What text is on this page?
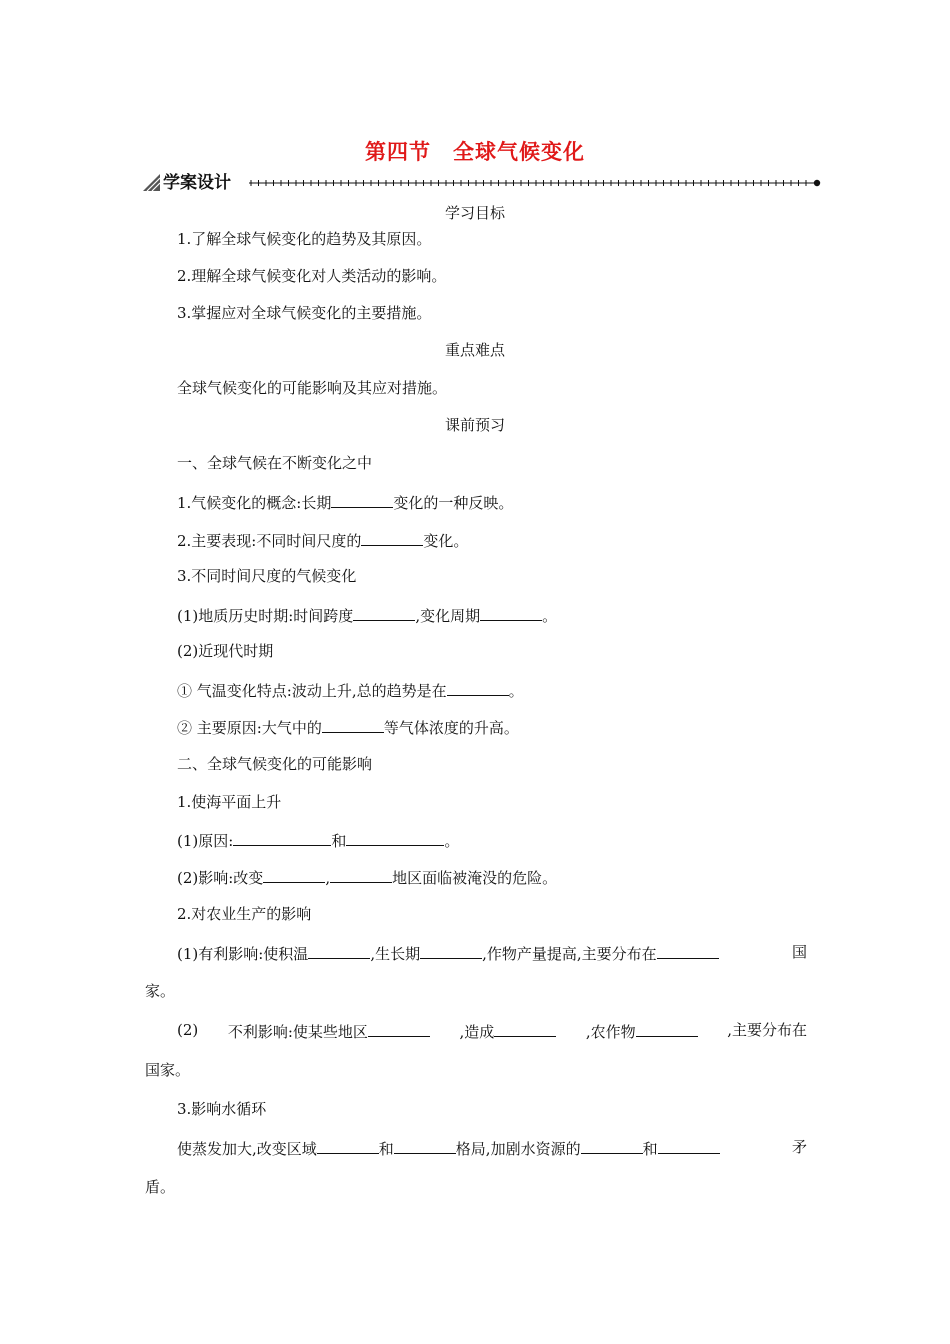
第四节 全球气候变化
学案设计
学习目标
1.了解全球气候变化的趋势及其原因。
2.理解全球气候变化对人类活动的影响。
3.掌握应对全球气候变化的主要措施。
重点难点
全球气候变化的可能影响及其应对措施。
课前预习
一、全球气候在不断变化之中
1.气候变化的概念:长期	变化的一种反映。
2.主要表现:不同时间尺度的	变化。
3.不同时间尺度的气候变化
(1)地质历史时期:时间跨度	,变化周期	。
(2)近现代时期
① 气温变化特点:波动上升,总的趋势是在	。
② 主要原因:大气中的	等气体浓度的升高。
二、全球气候变化的可能影响
1.使海平面上升
(1)原因:	和	。
(2)影响:改变	,	地区面临被淹没的危险。
2.对农业生产的影响
(1)有利影响:使积温	,生长期	,作物产量提高,主要分布在	国
家。
(2) 不利影响:使某些地区	,造成	,农作物	,主要分布在
国家。
3.影响水循环
使蒸发加大,改变区域	和	格局,加剧水资源的	和	矛
盾。
